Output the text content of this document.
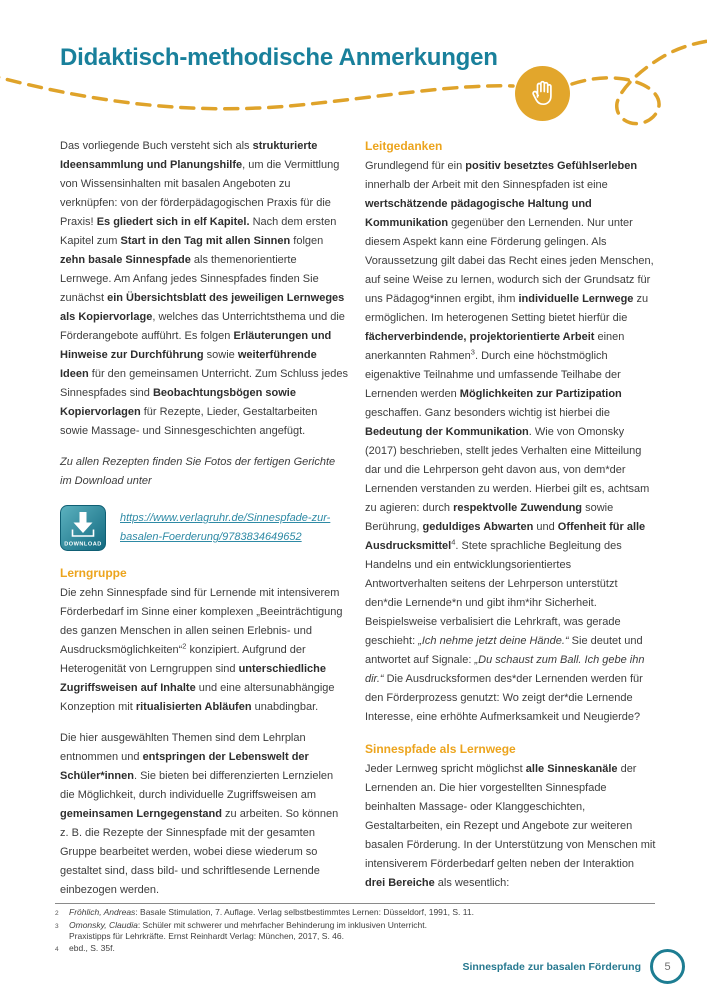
Didaktisch-methodische Anmerkungen

Das vorliegende Buch versteht sich als strukturierte Ideensammlung und Planungshilfe, um die Vermittlung von Wissensinhalten mit basalen Angeboten zu verknüpfen: von der förderpädagogischen Praxis für die Praxis! Es gliedert sich in elf Kapitel. Nach dem ersten Kapitel zum Start in den Tag mit allen Sinnen folgen zehn basale Sinnespfade als themenorientierte Lernwege. Am Anfang jedes Sinnespfades finden Sie zunächst ein Übersichtsblatt des jeweiligen Lernweges als Kopiervorlage, welches das Unterrichtsthema und die Förderangebote aufführt. Es folgen Erläuterungen und Hinweise zur Durchführung sowie weiterführende Ideen für den gemeinsamen Unterricht. Zum Schluss jedes Sinnespfades sind Beobachtungsbögen sowie Kopiervorlagen für Rezepte, Lieder, Gestaltarbeiten sowie Massage- und Sinnesgeschichten angefügt.

Zu allen Rezepten finden Sie Fotos der fertigen Gerichte im Download unter

DOWNLOAD
https://www.verlagruhr.de/Sinnespfade-zur-basalen-Foerderung/9783834649652
Lerngruppe

Die zehn Sinnespfade sind für Lernende mit intensiverem Förderbedarf im Sinne einer komplexen „Beeinträchtigung des ganzen Menschen in allen seinen Erlebnis- und Ausdrucksmöglichkeiten“$^2$ konzipiert. Aufgrund der Heterogenität von Lerngruppen sind unterschiedliche Zugriffsweisen auf Inhalte und eine altersunabhängige Konzeption mit ritualisierten Abläufen unabdingbar.

Die hier ausgewählten Themen sind dem Lehrplan entnommen und entspringen der Lebenswelt der Schüler*innen. Sie bieten bei differenzierten Lernzielen die Möglichkeit, durch individuelle Zugriffsweisen am gemeinsamen Lerngegenstand zu arbeiten. So können z. B. die Rezepte der Sinnespfade mit der gesamten Gruppe bearbeitet werden, wobei diese wiederum so gestaltet sind, dass bild- und schriftlesende Lernende einbezogen werden.

Leitgedanken

Grundlegend für ein positiv besetztes Gefühlserleben innerhalb der Arbeit mit den Sinnespfaden ist eine wertschätzende pädagogische Haltung und Kommunikation gegenüber den Lernenden. Nur unter diesem Aspekt kann eine Förderung gelingen. Als Voraussetzung gilt dabei das Recht eines jeden Menschen, auf seine Weise zu lernen, wodurch sich der Grundsatz für uns Pädagog*innen ergibt, ihm individuelle Lernwege zu ermöglichen. Im heterogenen Setting bietet hierfür die fächerverbindende, projektorientierte Arbeit einen anerkannten Rahmen$^3$. Durch eine höchstmöglich eigenaktive Teilnahme und umfassende Teilhabe der Lernenden werden Möglichkeiten zur Partizipation geschaffen. Ganz besonders wichtig ist hierbei die Bedeutung der Kommunikation. Wie von Omonsky (2017) beschrieben, stellt jedes Verhalten eine Mitteilung dar und die Lehrperson geht davon aus, von dem*der Lernenden verstanden zu werden. Hierbei gilt es, achtsam zu agieren: durch respektvolle Zuwendung sowie Berührung, geduldiges Abwarten und Offenheit für alle Ausdrucksmittel$^4$. Stete sprachliche Begleitung des Handelns und ein entwicklungsorientiertes Antwortverhalten seitens der Lehrperson unterstützt den*die Lernende*n und gibt ihm*ihr Sicherheit. Beispielsweise verbalisiert die Lehrkraft, was gerade geschieht: „Ich nehme jetzt deine Hände.“ Sie deutet und antwortet auf Signale: „Du schaust zum Ball. Ich gebe ihn dir.“ Die Ausdrucksformen des*der Lernenden werden für den Förderprozess genutzt: Wo zeigt der*die Lernende Interesse, eine erhöhte Aufmerksamkeit und Neugierde?

Sinnespfade als Lernwege

Jeder Lernweg spricht möglichst alle Sinneskanäle der Lernenden an. Die hier vorgestellten Sinnespfade beinhalten Massage- oder Klanggeschichten, Gestaltarbeiten, ein Rezept und Angebote zur weiteren basalen Förderung. In der Unterstützung von Menschen mit intensiverem Förderbedarf gelten neben der Interaktion drei Bereiche als wesentlich:

2	Fröhlich, Andreas: Basale Stimulation, 7. Auflage. Verlag selbstbestimmtes Lernen: Düsseldorf, 1991, S. 11.
3	Omonsky, Claudia: Schüler mit schwerer und mehrfacher Behinderung im inklusiven Unterricht.
Praxistipps für Lehrkräfte. Ernst Reinhardt Verlag: München, 2017, S. 46.
4	ebd., S. 35f.
Sinnespfade zur basalen Förderung	5
